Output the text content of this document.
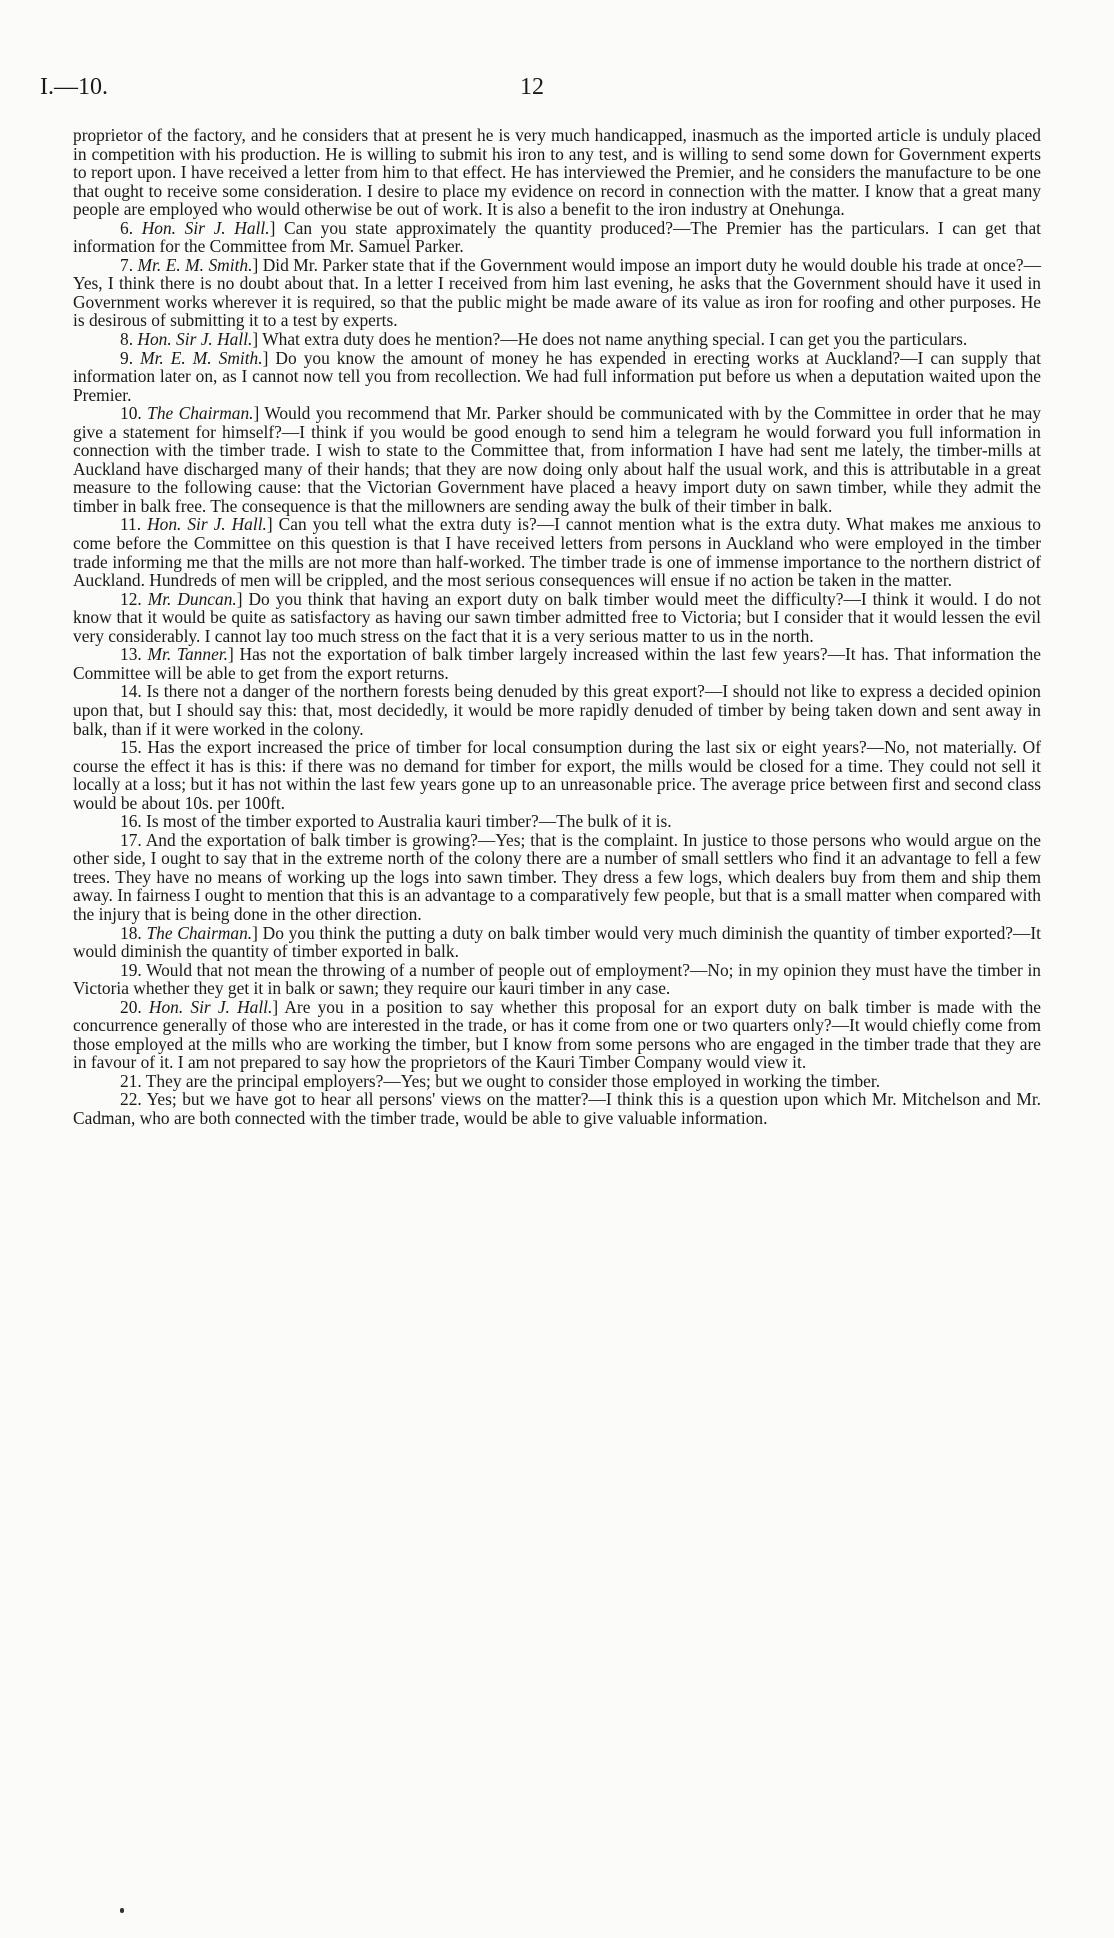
I.—10.	12

proprietor of the factory, and he considers that at present he is very much handicapped, inasmuch as the imported article is unduly placed in competition with his production. He is willing to submit his iron to any test, and is willing to send some down for Government experts to report upon. I have received a letter from him to that effect. He has interviewed the Premier, and he considers the manufacture to be one that ought to receive some consideration. I desire to place my evidence on record in connection with the matter. I know that a great many people are employed who would otherwise be out of work. It is also a benefit to the iron industry at Onehunga.

6. Hon. Sir J. Hall.] Can you state approximately the quantity produced?—The Premier has the particulars. I can get that information for the Committee from Mr. Samuel Parker.

7. Mr. E. M. Smith.] Did Mr. Parker state that if the Government would impose an import duty he would double his trade at once?—Yes, I think there is no doubt about that. In a letter I received from him last evening, he asks that the Government should have it used in Government works wherever it is required, so that the public might be made aware of its value as iron for roofing and other purposes. He is desirous of submitting it to a test by experts.

8. Hon. Sir J. Hall.] What extra duty does he mention?—He does not name anything special. I can get you the particulars.

9. Mr. E. M. Smith.] Do you know the amount of money he has expended in erecting works at Auckland?—I can supply that information later on, as I cannot now tell you from recollection. We had full information put before us when a deputation waited upon the Premier.

10. The Chairman.] Would you recommend that Mr. Parker should be communicated with by the Committee in order that he may give a statement for himself?—I think if you would be good enough to send him a telegram he would forward you full information in connection with the timber trade. I wish to state to the Committee that, from information I have had sent me lately, the timber-mills at Auckland have discharged many of their hands; that they are now doing only about half the usual work, and this is attributable in a great measure to the following cause: that the Victorian Government have placed a heavy import duty on sawn timber, while they admit the timber in balk free. The consequence is that the millowners are sending away the bulk of their timber in balk.

11. Hon. Sir J. Hall.] Can you tell what the extra duty is?—I cannot mention what is the extra duty. What makes me anxious to come before the Committee on this question is that I have received letters from persons in Auckland who were employed in the timber trade informing me that the mills are not more than half-worked. The timber trade is one of immense importance to the northern district of Auckland. Hundreds of men will be crippled, and the most serious consequences will ensue if no action be taken in the matter.

12. Mr. Duncan.] Do you think that having an export duty on balk timber would meet the difficulty?—I think it would. I do not know that it would be quite as satisfactory as having our sawn timber admitted free to Victoria; but I consider that it would lessen the evil very considerably. I cannot lay too much stress on the fact that it is a very serious matter to us in the north.

13. Mr. Tanner.] Has not the exportation of balk timber largely increased within the last few years?—It has. That information the Committee will be able to get from the export returns.

14. Is there not a danger of the northern forests being denuded by this great export?—I should not like to express a decided opinion upon that, but I should say this: that, most decidedly, it would be more rapidly denuded of timber by being taken down and sent away in balk, than if it were worked in the colony.

15. Has the export increased the price of timber for local consumption during the last six or eight years?—No, not materially. Of course the effect it has is this: if there was no demand for timber for export, the mills would be closed for a time. They could not sell it locally at a loss; but it has not within the last few years gone up to an unreasonable price. The average price between first and second class would be about 10s. per 100ft.

16. Is most of the timber exported to Australia kauri timber?—The bulk of it is.

17. And the exportation of balk timber is growing?—Yes; that is the complaint. In justice to those persons who would argue on the other side, I ought to say that in the extreme north of the colony there are a number of small settlers who find it an advantage to fell a few trees. They have no means of working up the logs into sawn timber. They dress a few logs, which dealers buy from them and ship them away. In fairness I ought to mention that this is an advantage to a comparatively few people, but that is a small matter when compared with the injury that is being done in the other direction.

18. The Chairman.] Do you think the putting a duty on balk timber would very much diminish the quantity of timber exported?—It would diminish the quantity of timber exported in balk.

19. Would that not mean the throwing of a number of people out of employment?—No; in my opinion they must have the timber in Victoria whether they get it in balk or sawn; they require our kauri timber in any case.

20. Hon. Sir J. Hall.] Are you in a position to say whether this proposal for an export duty on balk timber is made with the concurrence generally of those who are interested in the trade, or has it come from one or two quarters only?—It would chiefly come from those employed at the mills who are working the timber, but I know from some persons who are engaged in the timber trade that they are in favour of it. I am not prepared to say how the proprietors of the Kauri Timber Company would view it.

21. They are the principal employers?—Yes; but we ought to consider those employed in working the timber.

22. Yes; but we have got to hear all persons' views on the matter?—I think this is a question upon which Mr. Mitchelson and Mr. Cadman, who are both connected with the timber trade, would be able to give valuable information.
